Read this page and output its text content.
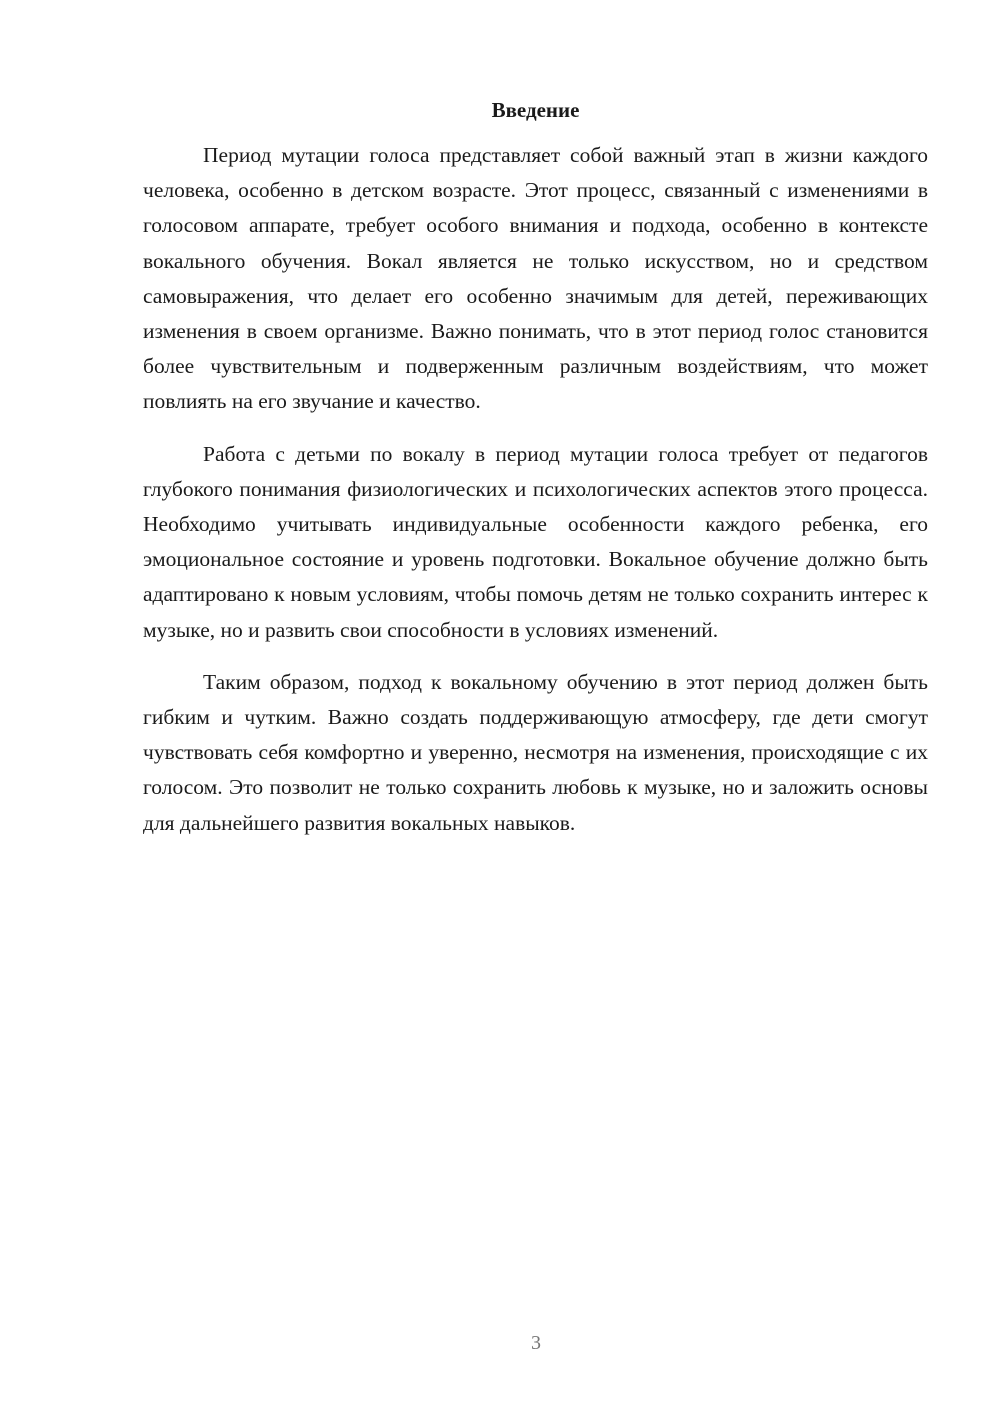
Введение

Период мутации голоса представляет собой важный этап в жизни каждого человека, особенно в детском возрасте. Этот процесс, связанный с изменениями в голосовом аппарате, требует особого внимания и подхода, особенно в контексте вокального обучения. Вокал является не только искусством, но и средством самовыражения, что делает его особенно значимым для детей, переживающих изменения в своем организме. Важно понимать, что в этот период голос становится более чувствительным и подверженным различным воздействиям, что может повлиять на его звучание и качество.

Работа с детьми по вокалу в период мутации голоса требует от педагогов глубокого понимания физиологических и психологических аспектов этого процесса. Необходимо учитывать индивидуальные особенности каждого ребенка, его эмоциональное состояние и уровень подготовки. Вокальное обучение должно быть адаптировано к новым условиям, чтобы помочь детям не только сохранить интерес к музыке, но и развить свои способности в условиях изменений.

Таким образом, подход к вокальному обучению в этот период должен быть гибким и чутким. Важно создать поддерживающую атмосферу, где дети смогут чувствовать себя комфортно и уверенно, несмотря на изменения, происходящие с их голосом. Это позволит не только сохранить любовь к музыке, но и заложить основы для дальнейшего развития вокальных навыков.

3
